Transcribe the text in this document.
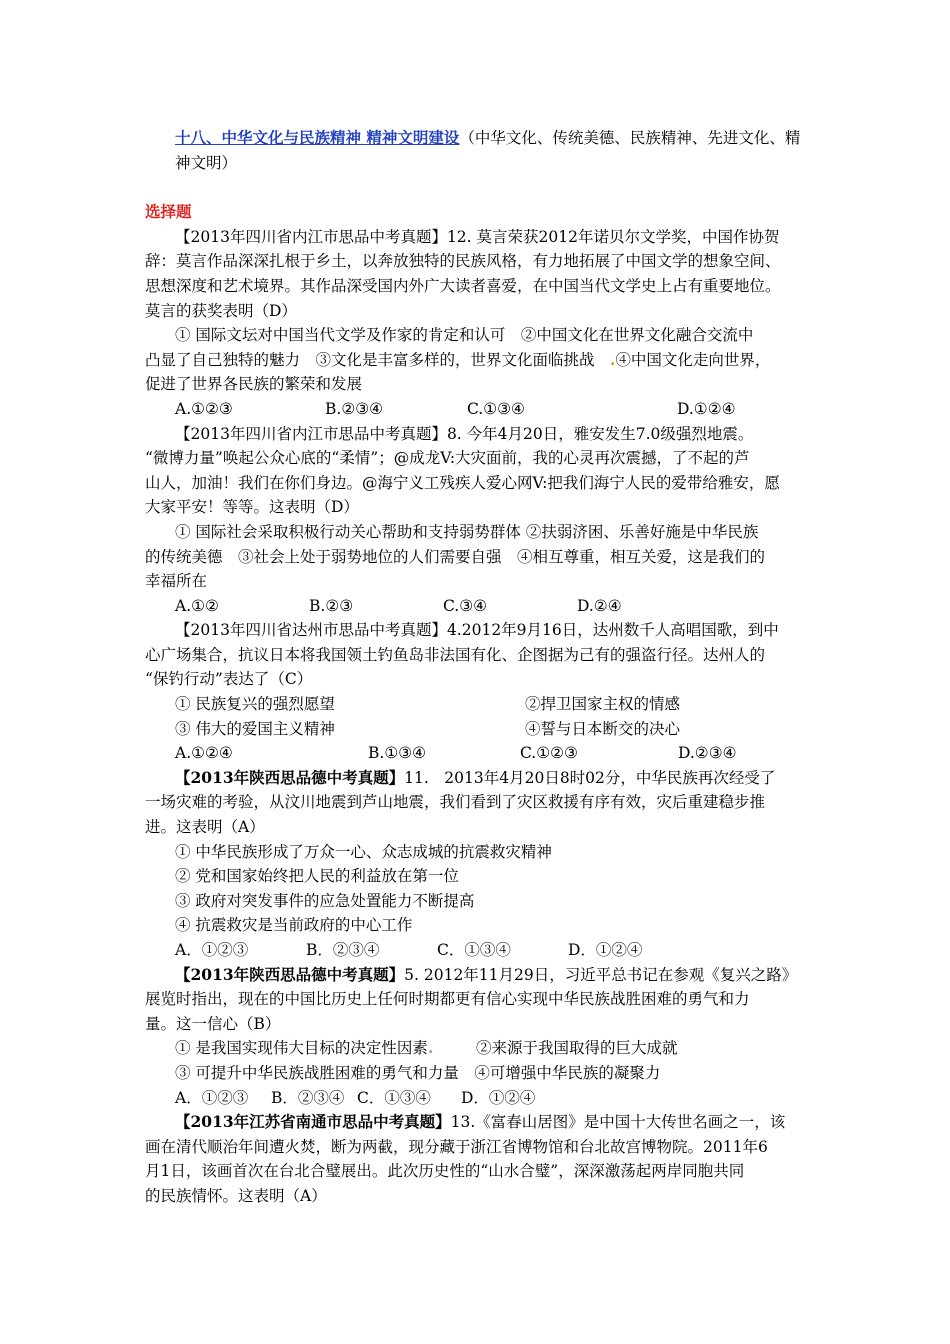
十八、中华文化与民族精神 精神文明建设（中华文化、传统美德、民族精神、先进文化、精
神文明）
选择题
【2013年四川省内江市思品中考真题】12. 莫言荣获2012年诺贝尔文学奖，中国作协贺
辞：莫言作品深深扎根于乡土，以奔放独特的民族风格，有力地拓展了中国文学的想象空间、
思想深度和艺术境界。其作品深受国内外广大读者喜爱，在中国当代文学史上占有重要地位。
莫言的获奖表明（D）
① 国际文坛对中国当代文学及作家的肯定和认可　②中国文化在世界文化融合交流中
凸显了自己独特的魅力　③文化是丰富多样的，世界文化面临挑战　.④中国文化走向世界，
促进了世界各民族的繁荣和发展
A.①②③	B.②③④	C.①③④	D.①②④
【2013年四川省内江市思品中考真题】8. 今年4月20日，雅安发生7.0级强烈地震。
“微博力量”唤起公众心底的“柔情”；@成龙V:大灾面前，我的心灵再次震撼，了不起的芦
山人，加油！我们在你们身边。@海宁义工残疾人爱心网V:把我们海宁人民的爱带给雅安，愿
大家平安！等等。这表明（D）
① 国际社会采取积极行动关心帮助和支持弱势群体 ②扶弱济困、乐善好施是中华民族
的传统美德　③社会上处于弱势地位的人们需要自强　④相互尊重，相互关爱，这是我们的
幸福所在
A.①②	B.②③	C.③④	D.②④
【2013年四川省达州市思品中考真题】4.2012年9月16日，达州数千人高唱国歌，到中
心广场集合，抗议日本将我国领土钓鱼岛非法国有化、企图据为己有的强盗行径。达州人的
“保钓行动”表达了（C）
① 民族复兴的强烈愿望	②捍卫国家主权的情感
③ 伟大的爱国主义精神	④誓与日本断交的决心
A.①②④	B.①③④	C.①②③	D.②③④
【2013年陕西思品德中考真题】11.　2013年4月20日8时02分，中华民族再次经受了
一场灾难的考验，从汶川地震到芦山地震，我们看到了灾区救援有序有效，灾后重建稳步推
进。这表明（A）
① 中华民族形成了万众一心、众志成城的抗震救灾精神
② 党和国家始终把人民的利益放在第一位
③ 政府对突发事件的应急处置能力不断提高
④ 抗震救灾是当前政府的中心工作
A．①②③	B．②③④	C．①③④	D．①②④
【2013年陕西思品德中考真题】5. 2012年11月29日，习近平总书记在参观《复兴之路》
展览时指出，现在的中国比历史上任何时期都更有信心实现中华民族战胜困难的勇气和力
量。这一信心（B）
① 是我国实现伟大目标的决定性因素.	②来源于我国取得的巨大成就
③ 可提升中华民族战胜困难的勇气和力量　④可增强中华民族的凝聚力
A．①②③ B．②③④ C．①③④ D．①②④
【2013年江苏省南通市思品中考真题】13.《富春山居图》是中国十大传世名画之一，该
画在清代顺治年间遭火焚，断为两截，现分藏于浙江省博物馆和台北故宫博物院。2011年6
月1日，该画首次在台北合璧展出。此次历史性的“山水合璧”，深深激荡起两岸同胞共同
的民族情怀。这表明（A）
